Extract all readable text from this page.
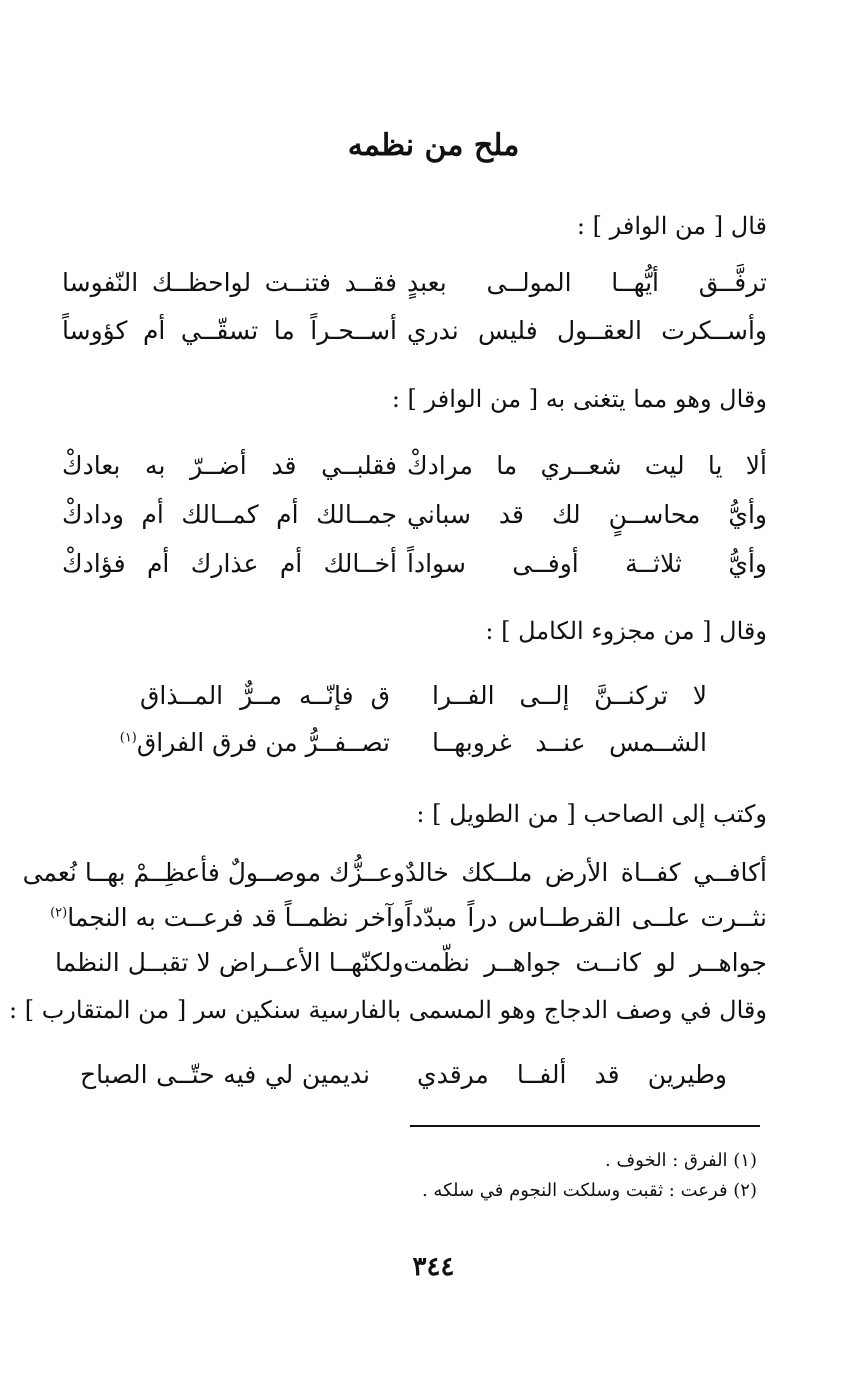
ملح من نظمه
قال [ من الوافر ] :
ترفَّــق أيُّهــا المولــى بعبدٍ
فقــد فتنــت لواحظــك النّفوسا
وأســكرت العقــول فليس ندري
أســحـراً ما تسقّــي أم كؤوساً
وقال وهو مما يتغنى به [ من الوافر ] :
ألا يا ليت شعــري ما مرادكْ
فقلبــي قد أضــرّ به بعادكْ
وأيُّ محاســنٍ لك قد سباني
جمــالك أم كمــالك أم ودادكْ
وأيُّ ثلاثــة أوفــى سواداً
أخــالك أم عذارك أم فؤادكْ
وقال [ من مجزوء الكامل ] :
لا تركنــنَّ إلــى الفــرا
ق فإنّــه مــرٌّ المــذاق
الشــمس عنــد غروبهــا
تصــفــرُّ من فرق الفراق$^{(١)}$
وكتب إلى الصاحب [ من الطويل ] :
أكافــي كفــاة الأرض ملــكك خالدٌ
وعــزُّك موصــولٌ فأعظِــمْ بهــا نُعمى
نثــرت علــى القرطــاس دراً مبدّداً
وآخر نظمــاً قد فرعــت به النجما$^{(٢)}$
جواهــر لو كانــت جواهــر نظّمت
ولكنّهــا الأعــراض لا تقبــل النظما
وقال في وصف الدجاج وهو المسمى بالفارسية سنكين سر [ من المتقارب ] :
وطيرين قد ألفــا مرقدي
نديمين لي فيه حتّــى الصباح
(١) الفرق : الخوف .
(٢) فرعت : ثقبت وسلكت النجوم في سلكه .
٣٤٤
